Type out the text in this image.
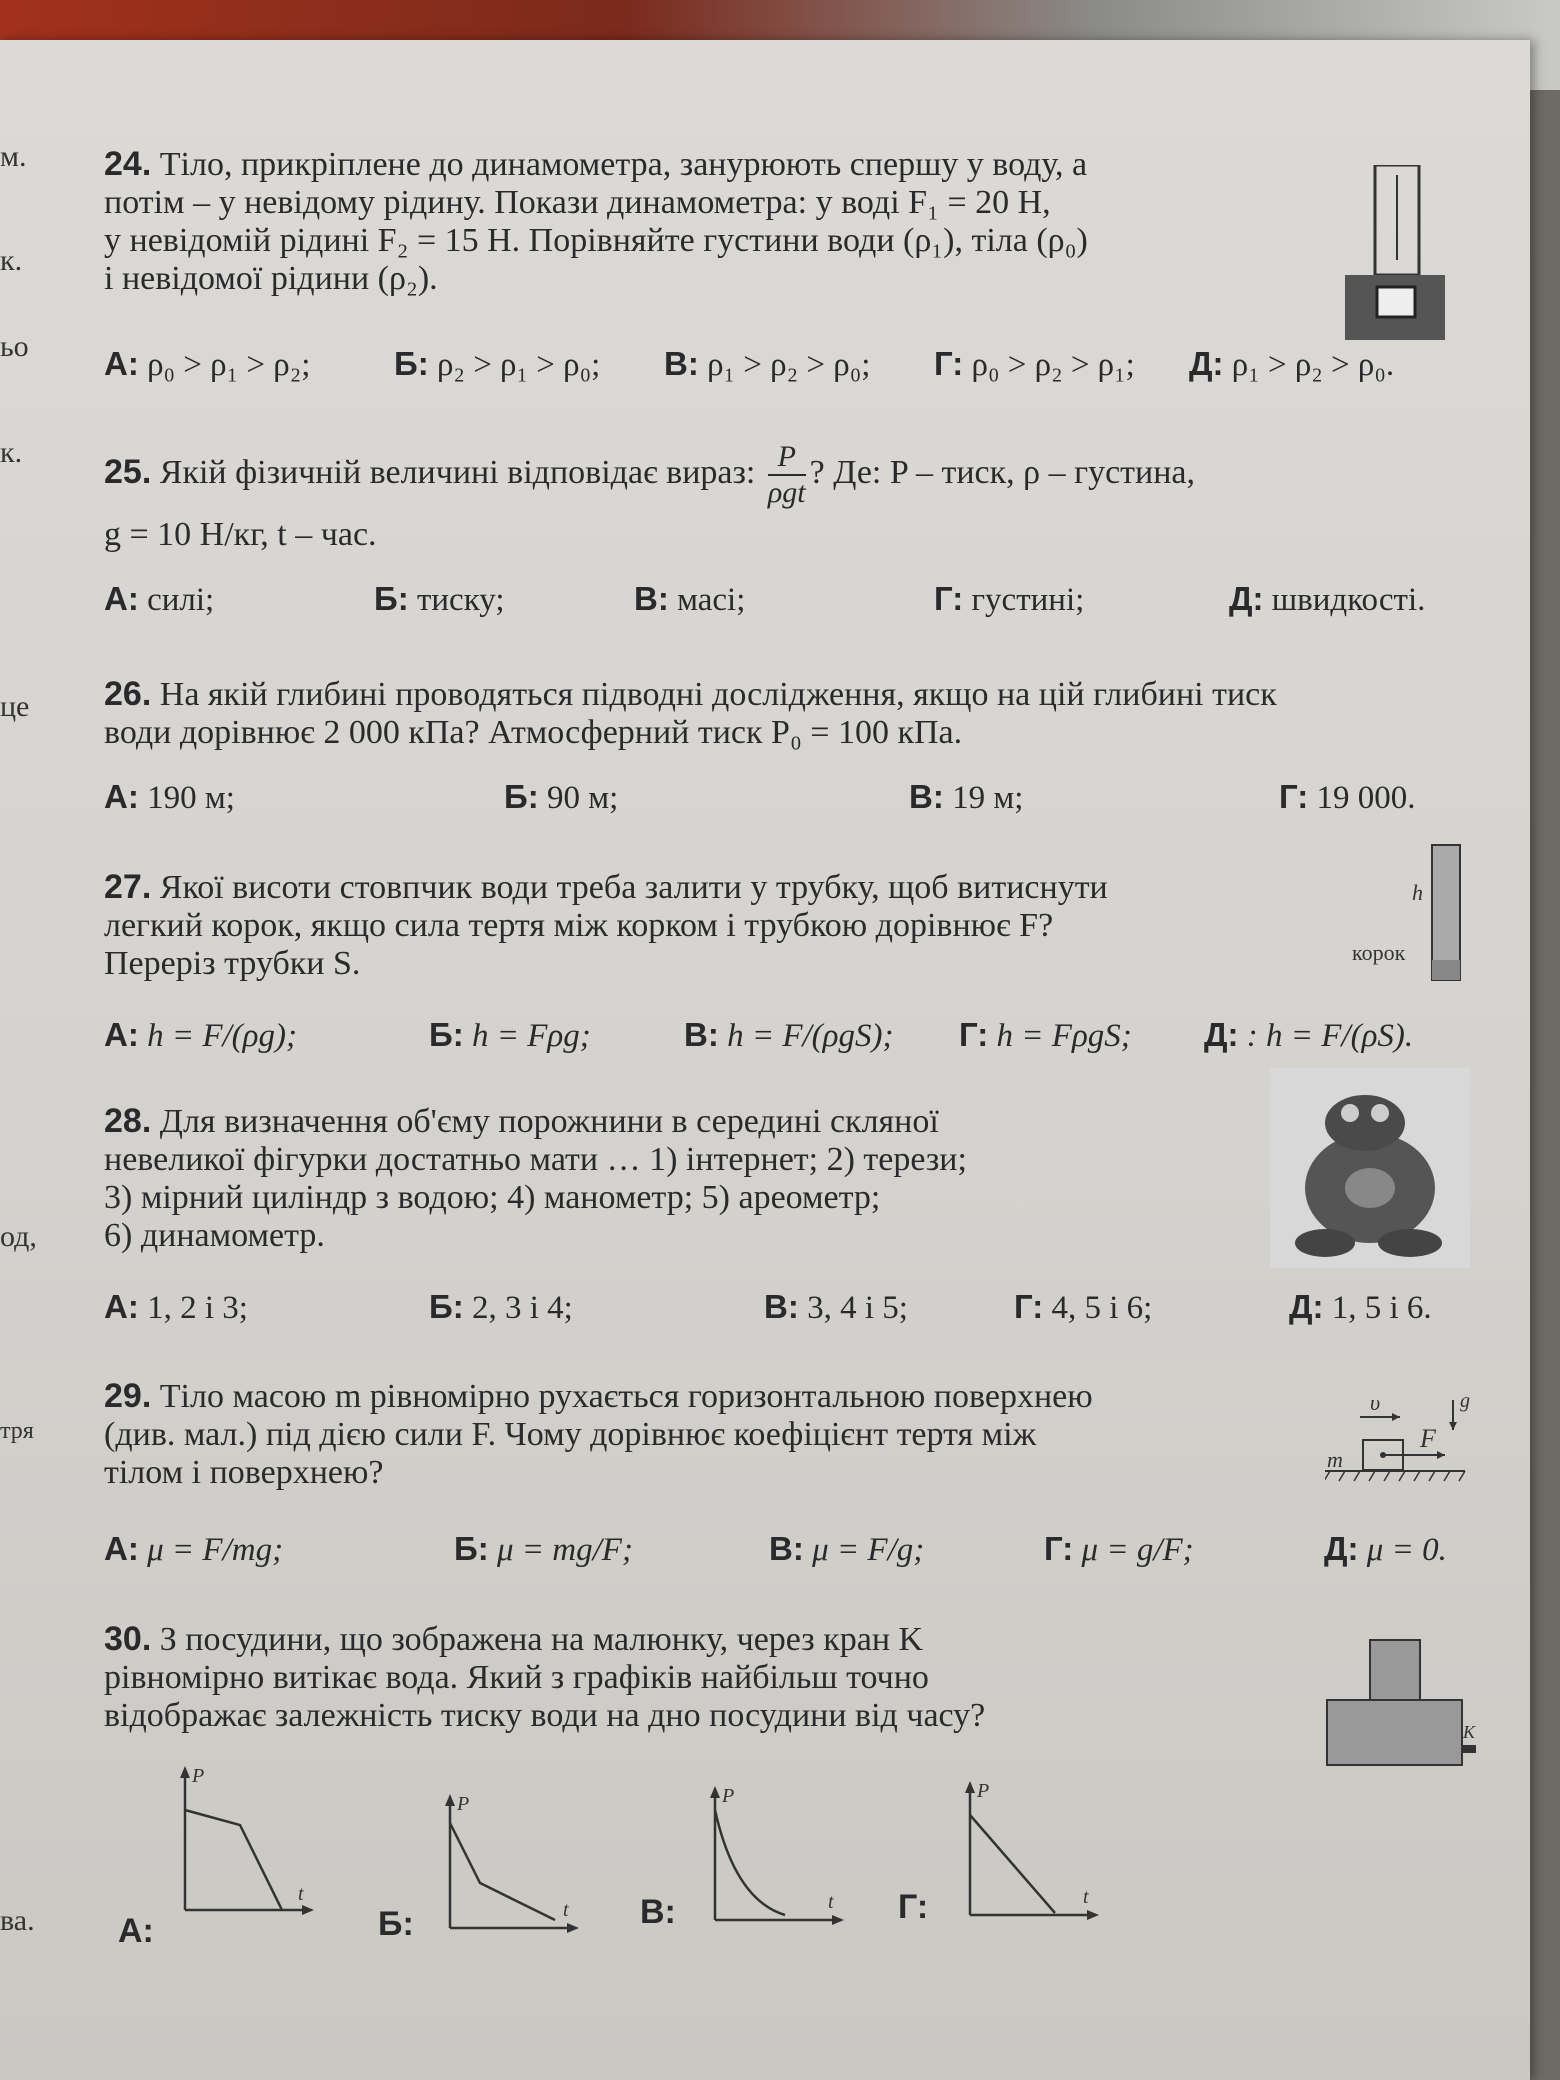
м.
к.
ьо
к.
це
од,
тря
ва.
24. Тіло, прикріплене до динамометра, занурюють спершу у воду, а
потім – у невідому рідину. Покази динамометра: у воді F₁ = 20 Н,
у невідомій рідині F₂ = 15 Н. Порівняйте густини води (ρ₁), тіла (ρ₀)
і невідомої рідини (ρ₂).
А: ρ₀ > ρ₁ > ρ₂;	Б: ρ₂ > ρ₁ > ρ₀; В: ρ₁ > ρ₂ > ρ₀; Г: ρ₀ > ρ₂ > ρ₁; Д: ρ₁ > ρ₂ > ρ₀.
25. Якій фізичній величині відповідає вираз: $\frac{P}{\text{ρgt}}$ ? Де: P – тиск, ρ – густина,
g = 10 Н/кг, t – час.
А: силі;	Б: тиску;	В: масі;	Г: густині;	Д: швидкості.
26. На якій глибині проводяться підводні дослідження, якщо на цій глибині тиск
води дорівнює 2 000 кПа? Атмосферний тиск P₀ = 100 кПа.
А: 190 м;	Б: 90 м;	В: 19 м;	Г: 19 000.
27. Якої висоти стовпчик води треба залити у трубку, щоб витиснути
легкий корок, якщо сила тертя між корком і трубкою дорівнює F?
Переріз трубки S.
h
корок
А: h = F/(ρg);	Б: h = Fρg;	В: h = F/(ρgS); Г: h = FρgS; Д: : h = F/(ρS).
28. Для визначення об'єму порожнини в середині скляної
невеликої фігурки достатньо мати … 1) інтернет; 2) терези;
3) мірний циліндр з водою; 4) манометр; 5) ареометр;
6) динамометр.
А: 1, 2 і 3;	Б: 2, 3 і 4;	В: 3, 4 і 5;	Г: 4, 5 і 6;	Д: 1, 5 і 6.
29. Тіло масою m рівномірно рухається горизонтальною поверхнею
(див. мал.) під дією сили F. Чому дорівнює коефіцієнт тертя між
тілом і поверхнею?
υ	g
F
m
А: μ = F/mg;	Б: μ = mg/F;	В: μ = F/g;	Г: μ = g/F;	Д: μ = 0.
30. З посудини, що зображена на малюнку, через кран K
рівномірно витікає вода. Який з графіків найбільш точно
відображає залежність тиску води на дно посудини від часу?	K
А:
P
t
Б:
P
t В:
P
t Г:
P
t
